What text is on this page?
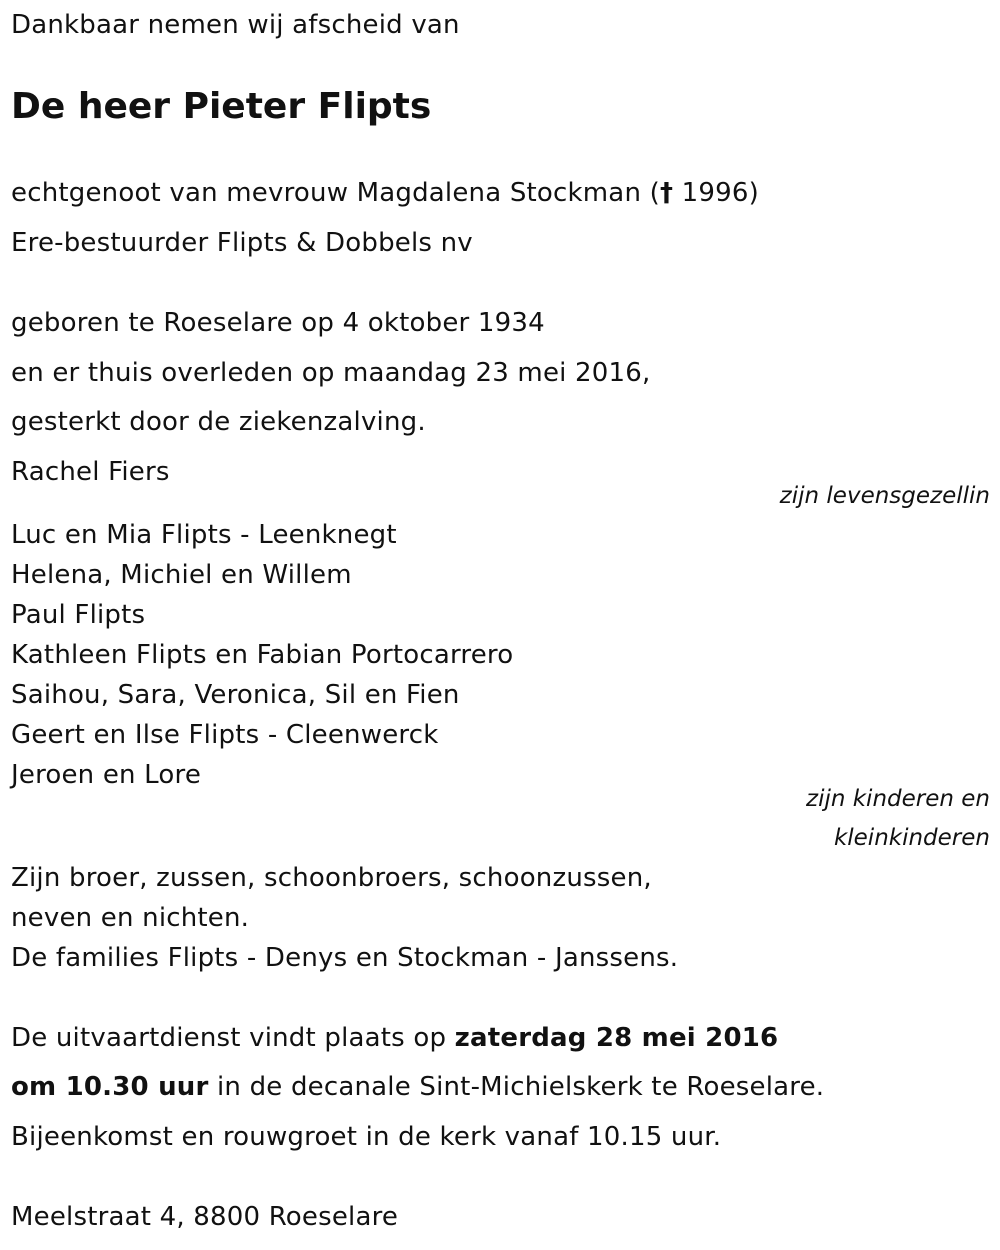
Dankbaar nemen wij afscheid van
De heer Pieter Flipts
echtgenoot van mevrouw Magdalena Stockman († 1996)
Ere-bestuurder Flipts & Dobbels nv
geboren te Roeselare op 4 oktober 1934
en er thuis overleden op maandag 23 mei 2016,
gesterkt door de ziekenzalving.
Rachel Fiers
zijn levensgezellin
Luc en Mia Flipts - Leenknegt
Helena, Michiel en Willem
Paul Flipts
Kathleen Flipts en Fabian Portocarrero
Saihou, Sara, Veronica, Sil en Fien
Geert en Ilse Flipts - Cleenwerck
Jeroen en Lore
zijn kinderen en
kleinkinderen
Zijn broer, zussen, schoonbroers, schoonzussen,
neven en nichten.
De families Flipts - Denys en Stockman - Janssens.
De uitvaartdienst vindt plaats op zaterdag 28 mei 2016
om 10.30 uur in de decanale Sint-Michielskerk te Roeselare.
Bijeenkomst en rouwgroet in de kerk vanaf 10.15 uur.
Meelstraat 4, 8800 Roeselare
